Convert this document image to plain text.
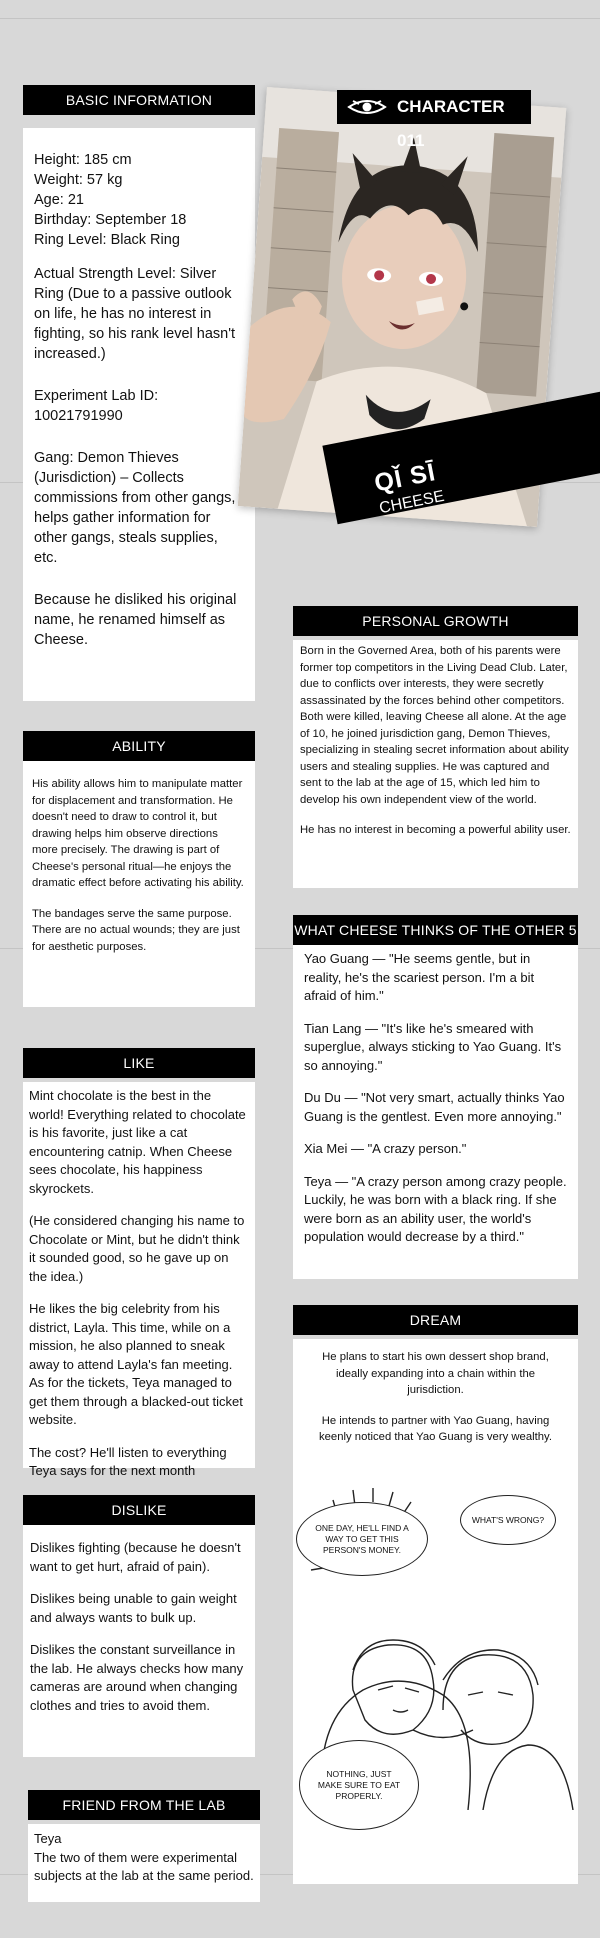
BASIC INFORMATION

Height: 185 cm
Weight: 57 kg
Age: 21
Birthday: September 18
Ring Level: Black Ring

Actual Strength Level: Silver Ring (Due to a passive outlook on life, he has no interest in fighting, so his rank level hasn't increased.)

Experiment Lab ID: 10021791990

Gang: Demon Thieves (Jurisdiction) – Collects commissions from other gangs, helps gather information for other gangs, steals supplies, etc.

Because he disliked his original name, he renamed himself as Cheese.

CHARACTER 011
QǏ SĪ
CHEESE
ABILITY

His ability allows him to manipulate matter for displacement and transformation. He doesn't need to draw to control it, but drawing helps him observe directions more precisely. The drawing is part of Cheese's personal ritual—he enjoys the dramatic effect before activating his ability.

The bandages serve the same purpose. There are no actual wounds; they are just for aesthetic purposes.

LIKE

Mint chocolate is the best in the world! Everything related to chocolate is his favorite, just like a cat encountering catnip. When Cheese sees chocolate, his happiness skyrockets.

(He considered changing his name to Chocolate or Mint, but he didn't think it sounded good, so he gave up on the idea.)

He likes the big celebrity from his district, Layla. This time, while on a mission, he also planned to sneak away to attend Layla's fan meeting. As for the tickets, Teya managed to get them through a blacked-out ticket website.

The cost? He'll listen to everything Teya says for the next month

DISLIKE

Dislikes fighting (because he doesn't want to get hurt, afraid of pain).

Dislikes being unable to gain weight and always wants to bulk up.

Dislikes the constant surveillance in the lab. He always checks how many cameras are around when changing clothes and tries to avoid them.

FRIEND FROM THE LAB
Teya
The two of them were experimental subjects at the lab at the same period.
PERSONAL GROWTH

Born in the Governed Area, both of his parents were former top competitors in the Living Dead Club. Later, due to conflicts over interests, they were secretly assassinated by the forces behind other competitors. Both were killed, leaving Cheese all alone. At the age of 10, he joined jurisdiction gang, Demon Thieves, specializing in stealing secret information about ability users and stealing supplies. He was captured and sent to the lab at the age of 15, which led him to develop his own independent view of the world.

He has no interest in becoming a powerful ability user.

WHAT CHEESE THINKS OF THE OTHER 5

Yao Guang — "He seems gentle, but in reality, he's the scariest person. I'm a bit afraid of him."

Tian Lang — "It's like he's smeared with superglue, always sticking to Yao Guang. It's so annoying."

Du Du — "Not very smart, actually thinks Yao Guang is the gentlest. Even more annoying."

Xia Mei — "A crazy person."

Teya — "A crazy person among crazy people. Luckily, he was born with a black ring. If she were born as an ability user, the world's population would decrease by a third."

DREAM

He plans to start his own dessert shop brand, ideally expanding into a chain within the jurisdiction.

He intends to partner with Yao Guang, having keenly noticed that Yao Guang is very wealthy.

ONE DAY, HE'LL FIND A WAY TO GET THIS PERSON'S MONEY.
WHAT'S WRONG?
NOTHING, JUST MAKE SURE TO EAT PROPERLY.
